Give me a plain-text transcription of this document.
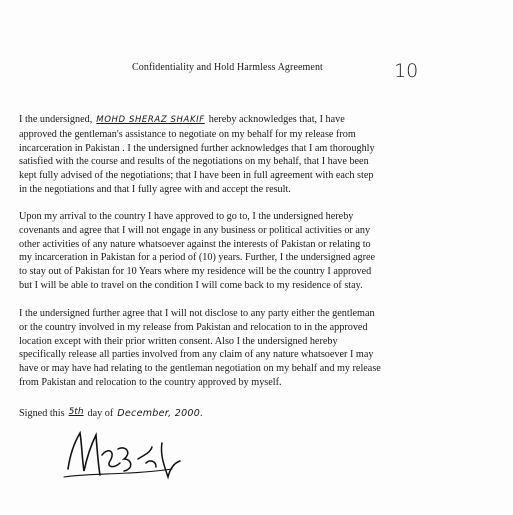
Confidentiality and Hold Harmless Agreement	10
I the undersigned, MOHD SHERAZ SHAKIF hereby acknowledges that, I have
approved the gentleman's assistance to negotiate on my behalf for my release from
incarceration in Pakistan . I the undersigned further acknowledges that I am thoroughly
satisfied with the course and results of the negotiations on my behalf, that I have been
kept fully advised of the negotiations; that I have been in full agreement with each step
in the negotiations and that I fully agree with and accept the result.
Upon my arrival to the country I have approved to go to, I the undersigned hereby
covenants and agree that I will not engage in any business or political activities or any
other activities of any nature whatsoever against the interests of Pakistan or relating to
my incarceration in Pakistan for a period of (10) years. Further, I the undersigned agree
to stay out of Pakistan for 10 Years where my residence will be the country I approved
but I will be able to travel on the condition I will come back to my residence of stay.
I the undersigned further agree that I will not disclose to any party either the gentleman
or the country involved in my release from Pakistan and relocation to in the approved
location except with their prior written consent. Also I the undersigned hereby
specifically release all parties involved from any claim of any nature whatsoever I may
have or may have had relating to the gentleman negotiation on my behalf and my release
from Pakistan and relocation to the country approved by myself.
Signed this 5th day of December, 2000.
